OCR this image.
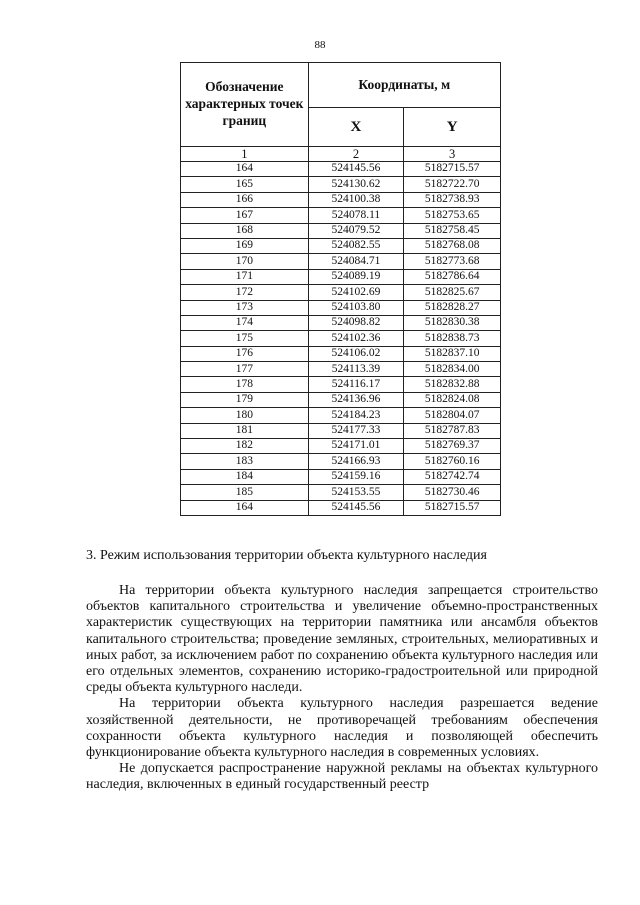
88
Обозначение характерных точек границ	Координаты, м	
	X	Y
1	2	3
164	524145.56	5182715.57
165	524130.62	5182722.70
166	524100.38	5182738.93
167	524078.11	5182753.65
168	524079.52	5182758.45
169	524082.55	5182768.08
170	524084.71	5182773.68
171	524089.19	5182786.64
172	524102.69	5182825.67
173	524103.80	5182828.27
174	524098.82	5182830.38
175	524102.36	5182838.73
176	524106.02	5182837.10
177	524113.39	5182834.00
178	524116.17	5182832.88
179	524136.96	5182824.08
180	524184.23	5182804.07
181	524177.33	5182787.83
182	524171.01	5182769.37
183	524166.93	5182760.16
184	524159.16	5182742.74
185	524153.55	5182730.46
164	524145.56	5182715.57
3. Режим использования территории объекта культурного наследия

На территории объекта культурного наследия запрещается строительство объектов капитального строительства и увеличение объемно-пространственных характеристик существующих на территории памятника или ансамбля объектов капитального строительства; проведение земляных, строительных, мелиоративных и иных работ, за исключением работ по сохранению объекта культурного наследия или его отдельных элементов, сохранению историко-градостроительной или природной среды объекта культурного наследи.

На территории объекта культурного наследия разрешается ведение хозяйственной деятельности, не противоречащей требованиям обеспечения сохранности объекта культурного наследия и позволяющей обеспечить функционирование объекта культурного наследия в современных условиях.

Не допускается распространение наружной рекламы на объектах культурного наследия, включенных в единый государственный реестр
